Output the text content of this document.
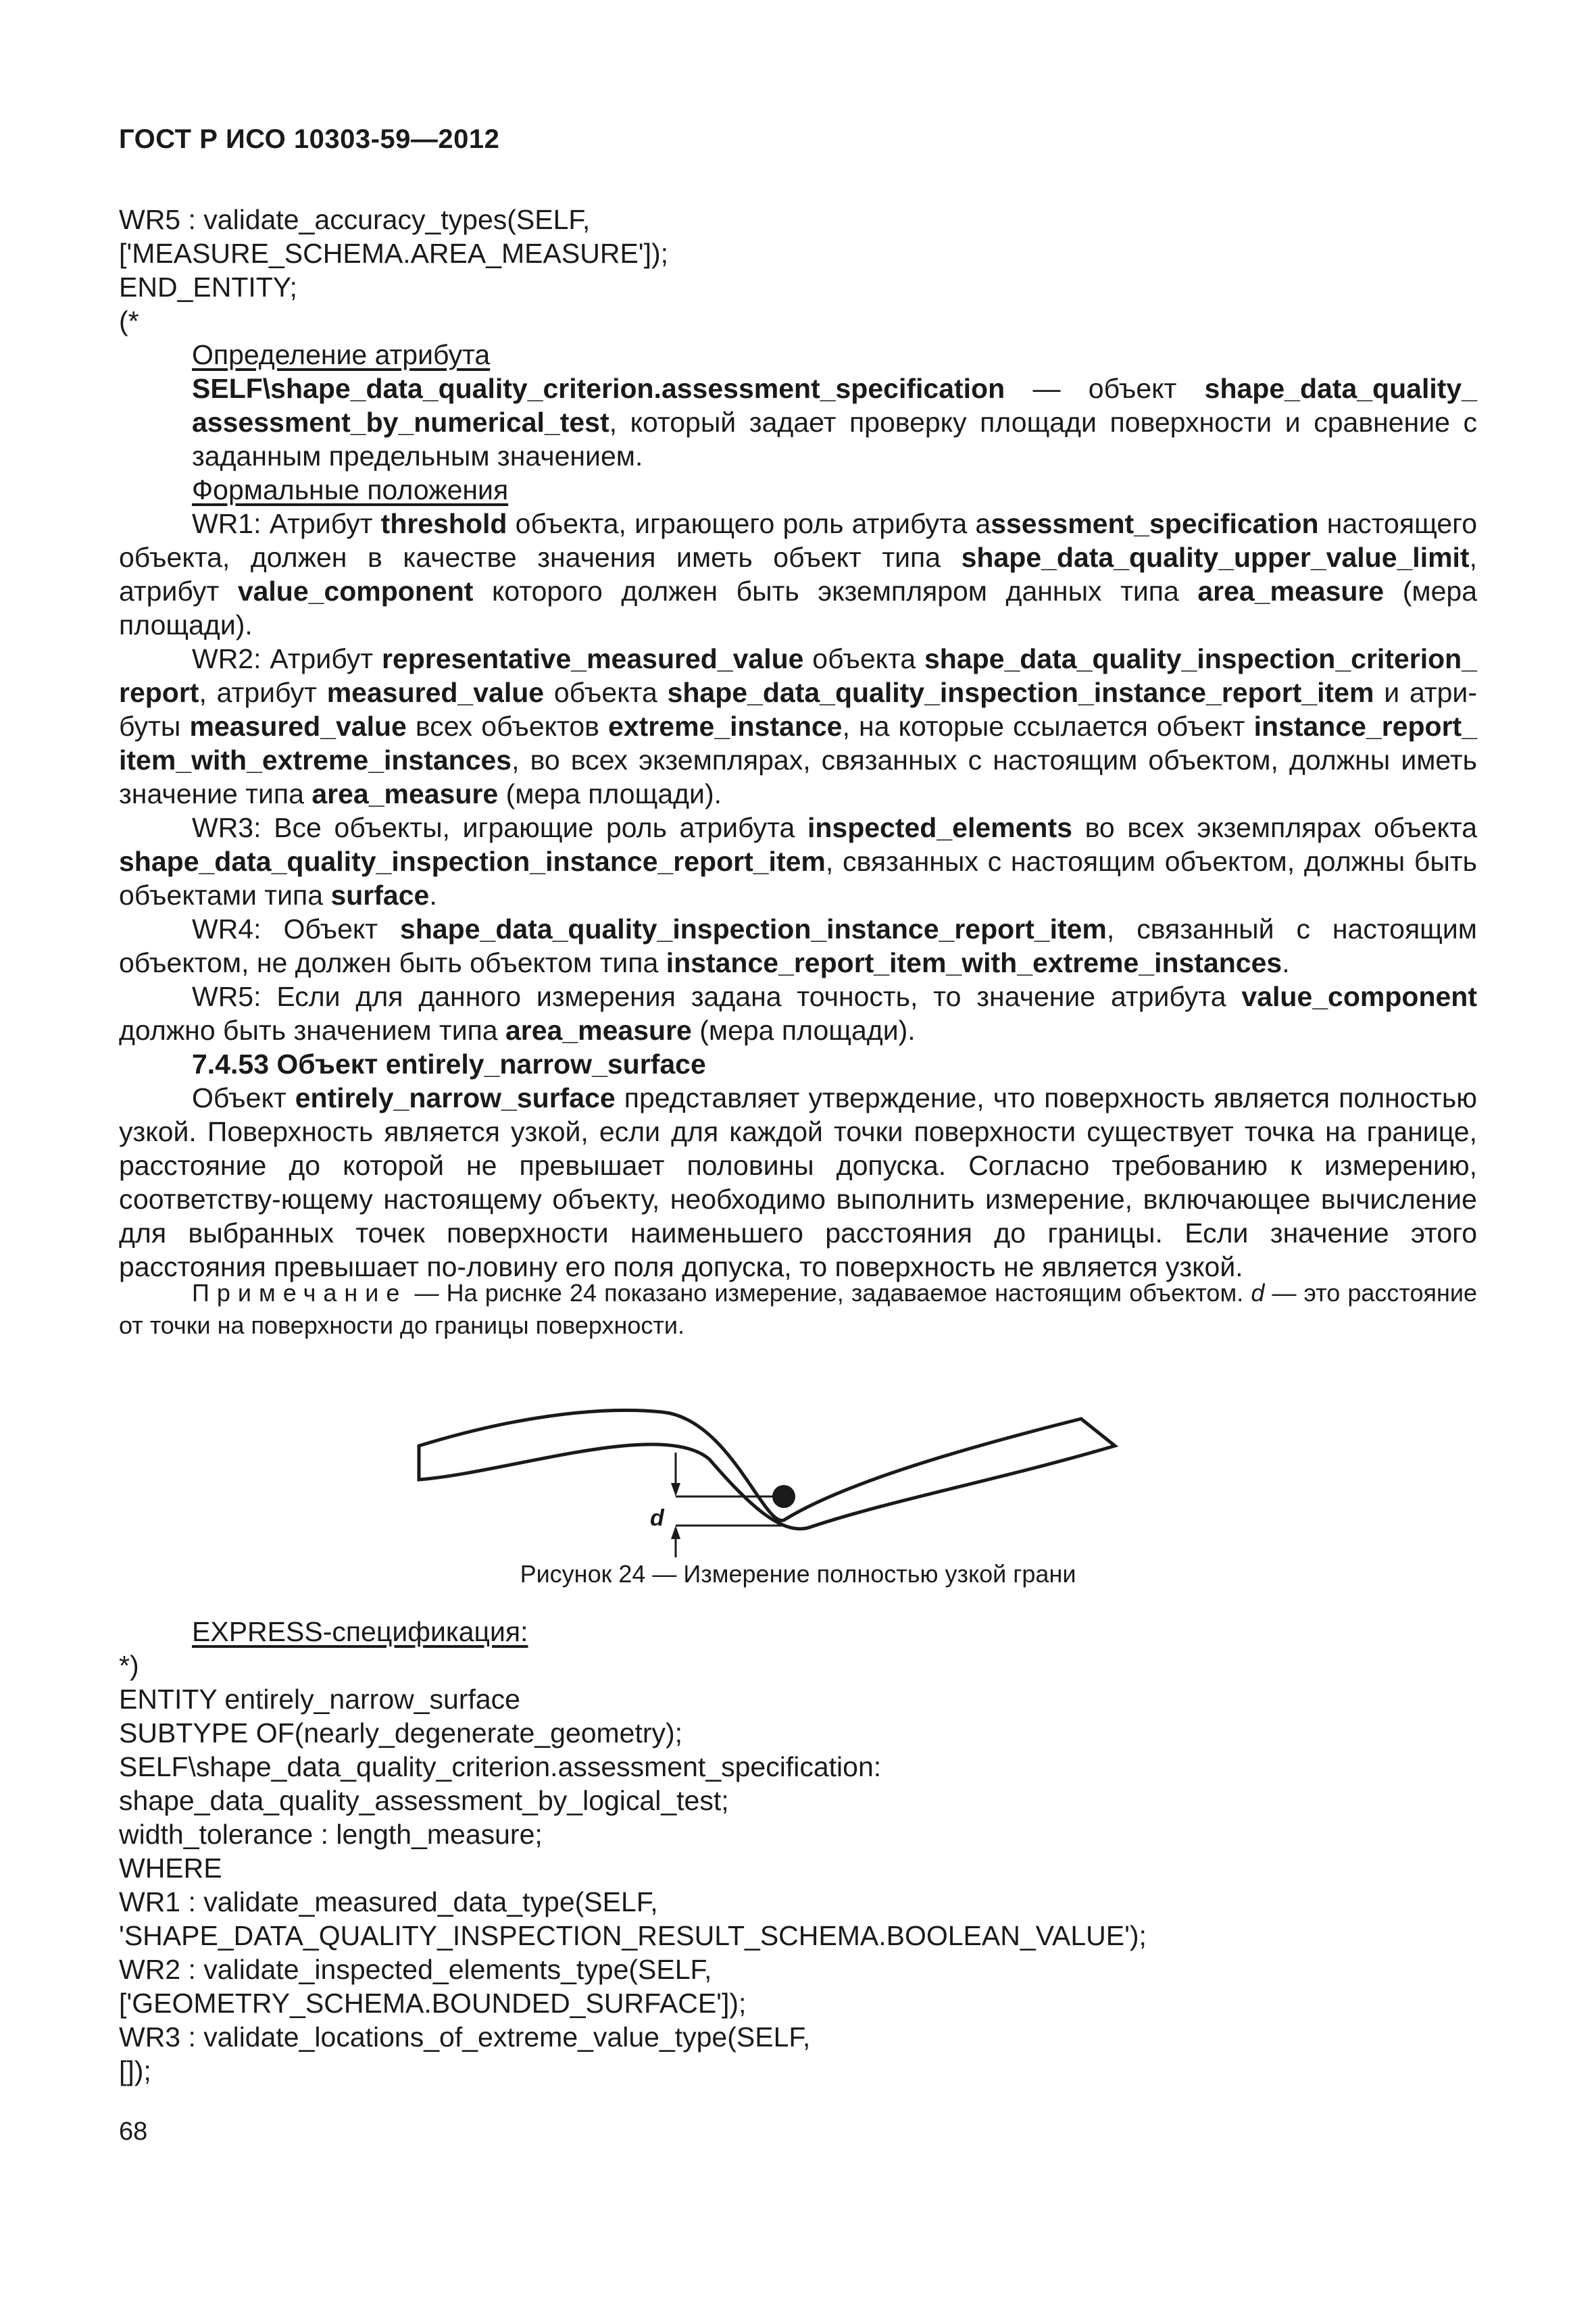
ГОСТ Р ИСО 10303-59—2012
WR5 : validate_accuracy_types(SELF,
['MEASURE_SCHEMA.AREA_MEASURE']);
END_ENTITY;
(*
Определение атрибута
SELF\shape_data_quality_criterion.assessment_specification — объект shape_data_quality_ assessment_by_numerical_test, который задает проверку площади поверхности и сравнение с заданным предельным значением.
Формальные положения
WR1: Атрибут threshold объекта, играющего роль атрибута assessment_specification настоящего объекта, должен в качестве значения иметь объект типа shape_data_quality_upper_value_limit, атрибут value_component которого должен быть экземпляром данных типа area_measure (мера площади).
WR2: Атрибут representative_measured_value объекта shape_data_quality_inspection_criterion_ report, атрибут measured_value объекта shape_data_quality_inspection_instance_report_item и атри-буты measured_value всех объектов extreme_instance, на которые ссылается объект instance_report_ item_with_extreme_instances, во всех экземплярах, связанных с настоящим объектом, должны иметь значение типа area_measure (мера площади).
WR3: Все объекты, играющие роль атрибута inspected_elements во всех экземплярах объекта shape_data_quality_inspection_instance_report_item, связанных с настоящим объектом, должны быть объектами типа surface.
WR4: Объект shape_data_quality_inspection_instance_report_item, связанный с настоящим объектом, не должен быть объектом типа instance_report_item_with_extreme_instances.
WR5: Если для данного измерения задана точность, то значение атрибута value_component должно быть значением типа area_measure (мера площади).
7.4.53 Объект entirely_narrow_surface
Объект entirely_narrow_surface представляет утверждение, что поверхность является полностью узкой. Поверхность является узкой, если для каждой точки поверхности существует точка на границе, расстояние до которой не превышает половины допуска. Согласно требованию к измерению, соответству-ющему настоящему объекту, необходимо выполнить измерение, включающее вычисление для выбранных точек поверхности наименьшего расстояния до границы. Если значение этого расстояния превышает по-ловину его поля допуска, то поверхность не является узкой.
Примечание — На риснке 24 показано измерение, задаваемое настоящим объектом. d — это расстояние от точки на поверхности до границы поверхности.
d
Рисунок 24 — Измерение полностью узкой грани
EXPRESS-спецификация:
*)
ENTITY entirely_narrow_surface
SUBTYPE OF(nearly_degenerate_geometry);
SELF\shape_data_quality_criterion.assessment_specification:
shape_data_quality_assessment_by_logical_test;
width_tolerance : length_measure;
WHERE
WR1 : validate_measured_data_type(SELF,
'SHAPE_DATA_QUALITY_INSPECTION_RESULT_SCHEMA.BOOLEAN_VALUE');
WR2 : validate_inspected_elements_type(SELF,
['GEOMETRY_SCHEMA.BOUNDED_SURFACE']);
WR3 : validate_locations_of_extreme_value_type(SELF,
[]);
68
